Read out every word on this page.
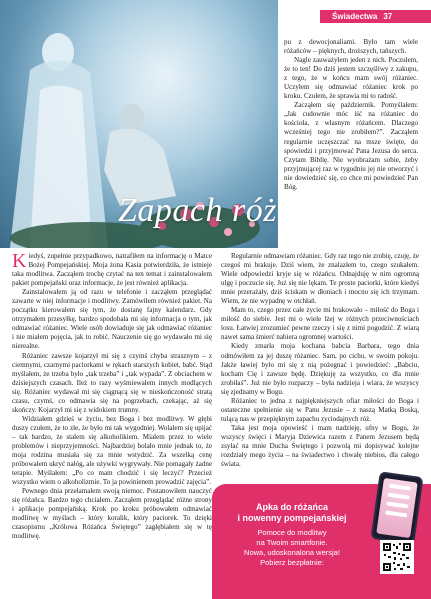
Świadectwa 37
Zapach róż

pu z dewocjonaliami. Było tam wiele różańców – pięknych, droższych, tańszych.

Nagle zauważyłem jeden z nich. Poczułem, że to ten! Do dziś jestem szczęśliwy z zakupu, z tego, że w końcu mam swój różaniec. Uczyłem się odmawiać różaniec krok po kroku. Czułem, że sprawia mi to radość.

Zacząłem się październik. Pomyślałem: „Jak cudownie móc iść na różaniec do kościoła, z własnym różańcem. Dlaczego wcześniej tego nie zrobiłem?”. Zacząłem regularnie uczęszczać na msze święte, do spowiedzi i przyjmować Pana Jezusa do serca. Czytam Biblię. Nie wyobrażam sobie, żeby przyjmującej raz w tygodniu jej nie otworzyć i nie dowiedzieć się, co chce mi powiedzieć Pan Bóg.

Kiedyś, zupełnie przypadkowo, natrafiłem na informację o Matce Bożej Pompejańskiej. Moja żona Kasia potwierdziła, że istnieje taka modlitwa. Zacząłem trochę czytać na ten temat i zainstalowałem pakiet pompejański oraz informacje, że jest również aplikacja.

Zainstalowałem ją od razu w telefonie i zacząłem przeglądać zawarte w niej informacje i modlitwy. Zamówiłem również pakiet. Na początku kierowałem się tym, że dostanę fajny kalendarz. Gdy otrzymałem przesyłkę, bardzo spodobała mi się informacja o tym, jak odmawiać różaniec. Wiele osób dowiaduje się jak odmawiać różaniec i nie miałem pojęcia, jak to robić. Nauczenie się go wydawało mi się nierealne.

Różaniec zawsze kojarzył mi się z czymś chyba strasznym – z ciemnymi, czarnymi paciorkami w rękach starszych kobiet, babć. Stąd myślałem, że trzeba było „tak trzeba” i „tak wypada”. Z obciachem w dzisiejszych czasach. Ileż to razy wyśmiewałem innych modlących się. Różaniec wydawał mi się ciągnącą się w nieskończoność stratą czasu, czymś, co odmawia się na pogrzebach, czekając, aż się skończy. Kojarzył mi się z widokiem trumny.

Widziałem gdzieś w życiu, bez Boga i bez modlitwy. W głębi duszy czułem, że to złe, że było mi tak wygodniej. Wolałem się upijać – tak bardzo, że stałem się alkoholikiem. Miałem przez to wiele problemów i nieprzyjemności. Najbardziej bolało mnie jednak to, że moja rodzina musiała się za mnie wstydzić. Za wszelką cenę próbowałem ukryć nałóg, ale używki wygrywały. Nie pomagały żadne terapie. Myślałem: „Po co mam chodzić i się leczyć? Przecież wszystko wiem o alkoholizmie. To ja powinienem prowadzić zajęcia”.

Pewnego dnia przełamałem swoją niemoc. Postanowiłem nauczyć się różańca. Bardzo tego chciałem. Zacząłem przeglądać różne strony i aplikacje pompejańską. Krok po kroku próbowałem odmawiać modlitwę w myślach – który koralik, który paciorek. To dzięki czasopismu „Królowa Różańca Świętego” zagłębiałem się w tę modlitwę.

Regularnie odmawiam różaniec. Gdy raz tego nie zrobię, czuję, że czegoś mi brakuje. Dziś wiem, że znalazłem to, czego szukałem. Wiele odpowiedzi kryje się w różańcu. Odnajduję w nim ogromną ulgę i poczucie się. Już się nie lękam. Te proste paciorki, które kiedyś mnie przerażały, dziś ściskam w dłoniach i mocno się ich trzymam. Wiem, że nie wypadnę w otchłań.

Mam to, czego przez całe życie mi brakowało – miłość do Boga i miłość do siebie. Jest mi o wiele lżej w różnych przeciwnościach losu. Łatwiej zrozumieć pewne rzeczy i się z nimi pogodzić. Z wiarą nawet sama śmierć nabiera ogromnej wartości.

Kiedy zmarła moja kochana babcia Barbara, tego dnia odmówiłem za jej duszę różaniec. Sam, po cichu, w swoim pokoju. Jakże ławiej było mi się z nią pożegnać i powiedzieć: „Babciu, kocham Cię i zawsze będę. Dziękuję za wszystko, co dla mnie zrobiłaś”. Już nie było rozpaczy – była nadzieja i wiara, że wszyscy się zjednamy w Bogu.

Różaniec to jedna z najpiękniejszych ofiar miłości do Boga i ostateczne spełnienie się w Panu Jezusie – z naszą Matką Boską, tulącą nas w przepięknym zapachu zyciodajnych róż.

Taka jest moja opowieść i mam nadzieję, ufny w Bogu, że wszyscy święci i Maryja Dziewica razem z Panem Jezusem będą zsyłać na mnie Ducha Świętego i pozwolą mi dopisywać kolejne rozdziały mego życia – na świadectwo i chwałę niebios, dla całego świata.

Apka do różańca
i nowenny pompejańskiej
Pomoce do modlitwy
na Twoim smartfonie.
Nowa, udoskonalona wersja!
Pobierz bezpłatnie:
